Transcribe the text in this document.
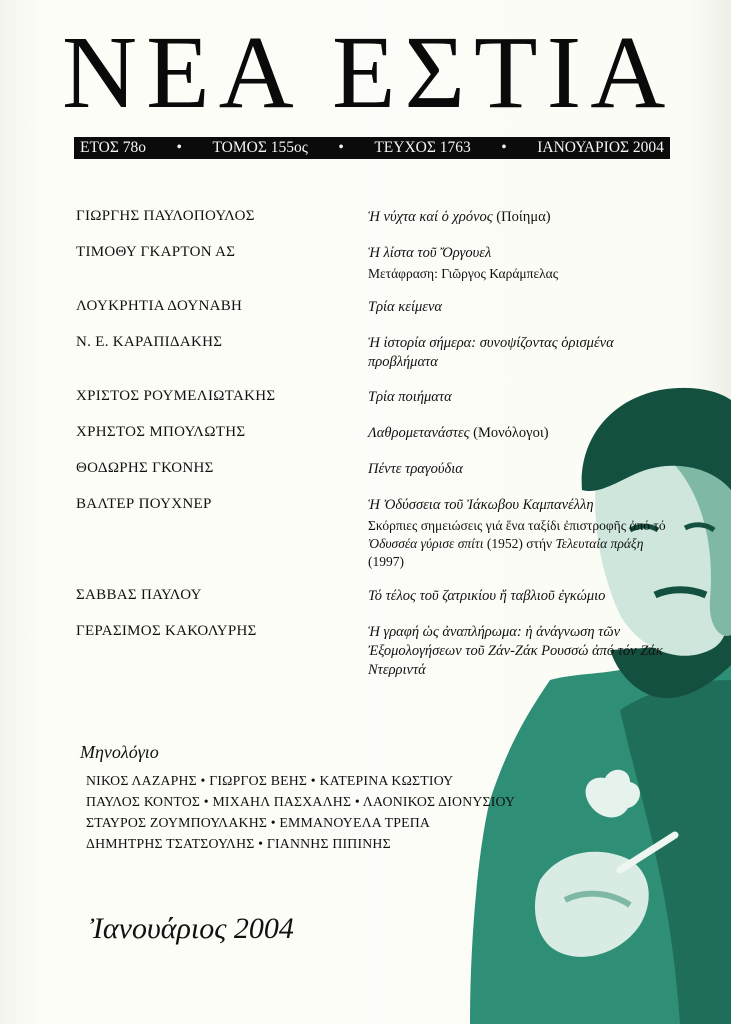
ΝΕΑ ΕΣΤΙΑ
ΕΤΟΣ 78ο • ΤΟΜΟΣ 155ος • ΤΕΥΧΟΣ 1763 • ΙΑΝΟΥΑΡΙΟΣ 2004
ΓΙΩΡΓΗΣ ΠΑΥΛΟΠΟΥΛΟΣ	Ἡ νύχτα καί ὁ χρόνος (Ποίημα)
ΤΙΜΟΘΥ ΓΚΑΡΤΟΝ ΑΣ	Ἡ λίστα τοῦ Ὄργουελ
Μετάφραση: Γιῶργος Καράμπελας
ΛΟΥΚΡΗΤΙΑ ΔΟΥΝΑΒΗ	Τρία κείμενα
Ν. Ε. ΚΑΡΑΠΙΔΑΚΗΣ	Ἡ ἱστορία σήμερα: συνοψίζοντας ὁρισμένα προβλήματα
ΧΡΙΣΤΟΣ ΡΟΥΜΕΛΙΩΤΑΚΗΣ	Τρία ποιήματα
ΧΡΗΣΤΟΣ ΜΠΟΥΛΩΤΗΣ	Λαθρομετανάστες (Μονόλογοι)
ΘΟΔΩΡΗΣ ΓΚΟΝΗΣ	Πέντε τραγούδια
ΒΑΛΤΕΡ ΠΟΥΧΝΕΡ	Ἡ Ὀδύσσεια τοῦ Ἰάκωβου Καμπανέλλη
Σκόρπιες σημειώσεις γιά ἕνα ταξίδι ἐπιστροφῆς ἀπό τό Ὀδυσσέα γύρισε σπίτι (1952) στήν Τελευταία πράξη (1997)
ΣΑΒΒΑΣ ΠΑΥΛΟΥ	Τό τέλος τοῦ ζατρικίου ἤ ταβλιοῦ ἐγκώμιο
ΓΕΡΑΣΙΜΟΣ ΚΑΚΟΛΥΡΗΣ	Ἡ γραφή ὡς ἀναπλήρωμα: ἡ ἀνάγνωση τῶν Ἐξομολογήσεων τοῦ Ζάν-Ζάκ Ρουσσώ ἀπό τόν Ζάκ Ντερριντά
Μηνολόγιο
ΝΙΚΟΣ ΛΑΖΑΡΗΣ • ΓΙΩΡΓΟΣ ΒΕΗΣ • ΚΑΤΕΡΙΝΑ ΚΩΣΤΙΟΥ
ΠΑΥΛΟΣ ΚΟΝΤΟΣ • ΜΙΧΑΗΛ ΠΑΣΧΑΛΗΣ • ΛΑΟΝΙΚΟΣ ΔΙΟΝΥΣΙΟΥ
ΣΤΑΥΡΟΣ ΖΟΥΜΠΟΥΛΑΚΗΣ • ΕΜΜΑΝΟΥΕΛΑ ΤΡΕΠΑ
ΔΗΜΗΤΡΗΣ ΤΣΑΤΣΟΥΛΗΣ • ΓΙΑΝΝΗΣ ΠΙΠΙΝΗΣ
Ἰανουάριος 2004
